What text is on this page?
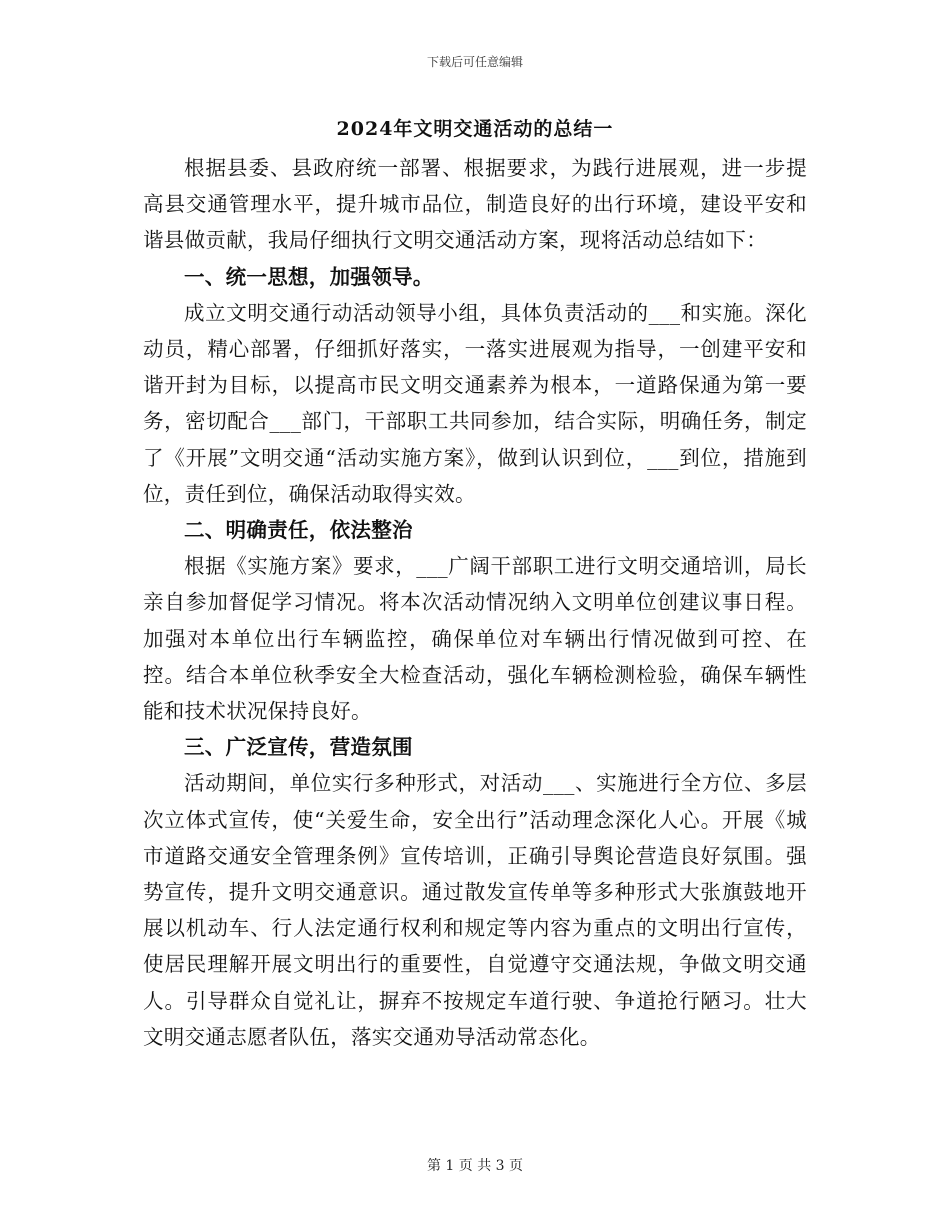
下载后可任意编辑
2024年文明交通活动的总结一

根据县委、县政府统一部署、根据要求，为践行进展观，进一步提高县交通管理水平，提升城市品位，制造良好的出行环境，建设平安和谐县做贡献，我局仔细执行文明交通活动方案，现将活动总结如下：

一、统一思想，加强领导。

成立文明交通行动活动领导小组，具体负责活动的___和实施。深化动员，精心部署，仔细抓好落实，一落实进展观为指导，一创建平安和谐开封为目标，以提高市民文明交通素养为根本，一道路保通为第一要务，密切配合___部门，干部职工共同参加，结合实际，明确任务，制定了《开展”文明交通“活动实施方案》，做到认识到位，___到位，措施到位，责任到位，确保活动取得实效。

二、明确责任，依法整治

根据《实施方案》要求，___广阔干部职工进行文明交通培训，局长亲自参加督促学习情况。将本次活动情况纳入文明单位创建议事日程。加强对本单位出行车辆监控，确保单位对车辆出行情况做到可控、在控。结合本单位秋季安全大检查活动，强化车辆检测检验，确保车辆性能和技术状况保持良好。

三、广泛宣传，营造氛围

活动期间，单位实行多种形式，对活动___、实施进行全方位、多层次立体式宣传，使“关爱生命，安全出行”活动理念深化人心。开展《城市道路交通安全管理条例》宣传培训，正确引导舆论营造良好氛围。强势宣传，提升文明交通意识。通过散发宣传单等多种形式大张旗鼓地开展以机动车、行人法定通行权利和规定等内容为重点的文明出行宣传，使居民理解开展文明出行的重要性，自觉遵守交通法规，争做文明交通人。引导群众自觉礼让，摒弃不按规定车道行驶、争道抢行陋习。壮大文明交通志愿者队伍，落实交通劝导活动常态化。

第 1 页 共 3 页
